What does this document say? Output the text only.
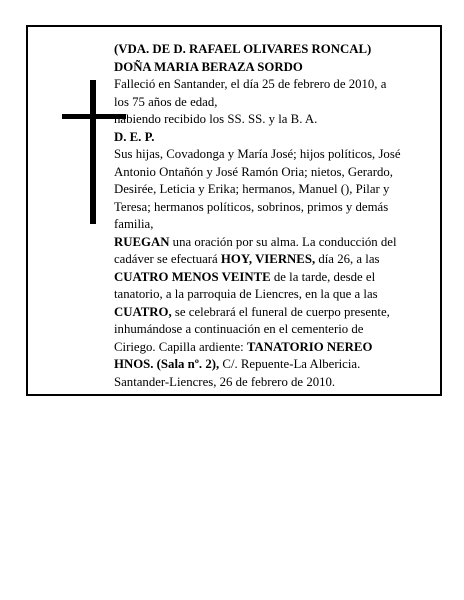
(VDA. DE D. RAFAEL OLIVARES RONCAL)

DOÑA MARIA BERAZA SORDO

Falleció en Santander, el día 25 de febrero de 2010, a

los 75 años de edad,

habiendo recibido los SS. SS. y la B. A.

D. E. P.

Sus hijas, Covadonga y María José; hijos políticos, José

Antonio Ontañón y José Ramón Oria; nietos, Gerardo,

Desirée, Leticia y Erika; hermanos, Manuel (), Pilar y

Teresa; hermanos políticos, sobrinos, primos y demás

familia,

RUEGAN una oración por su alma. La conducción del

cadáver se efectuará HOY, VIERNES, día 26, a las

CUATRO MENOS VEINTE de la tarde, desde el

tanatorio, a la parroquia de Liencres, en la que a las

CUATRO, se celebrará el funeral de cuerpo presente,

inhumándose a continuación en el cementerio de

Ciriego. Capilla ardiente: TANATORIO NEREO

HNOS. (Sala nº. 2), C/. Repuente-La Albericia.

Santander-Liencres, 26 de febrero de 2010.
